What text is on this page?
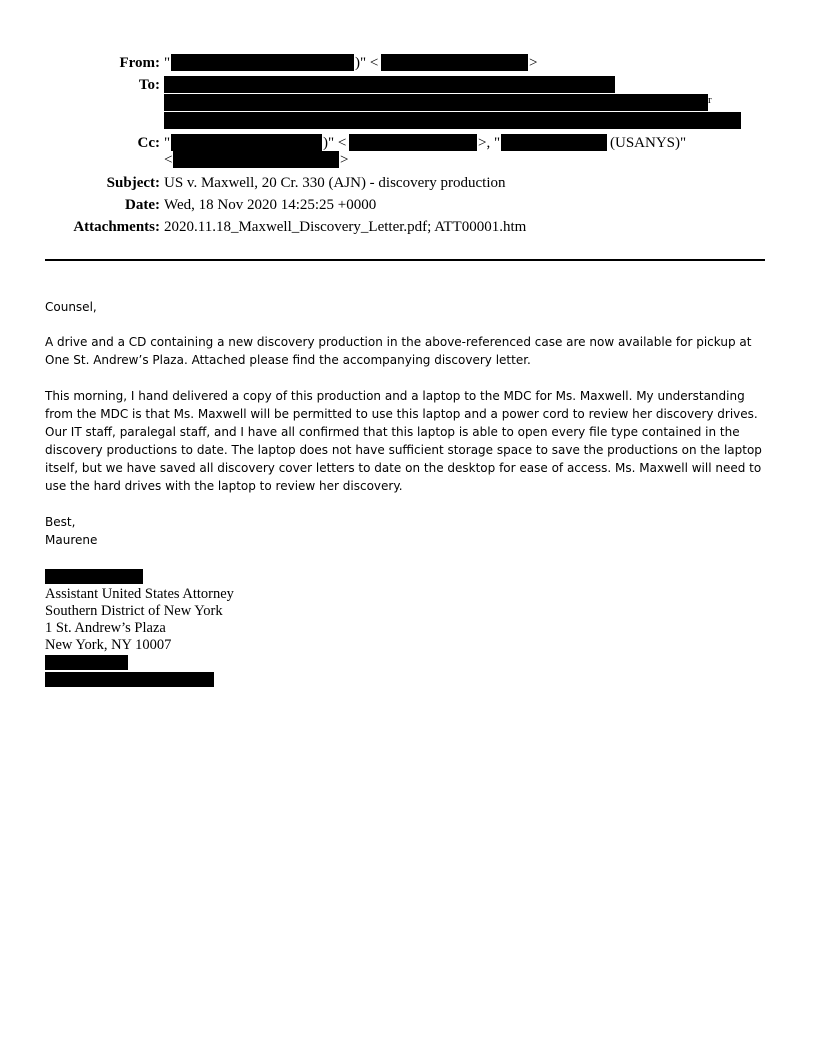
From: "	)" <	>
To:
r
Cc: "	)" <	>, "	(USANYS)"
<	>
Subject: US v. Maxwell, 20 Cr. 330 (AJN) - discovery production
Date: Wed, 18 Nov 2020 14:25:25 +0000
Attachments: 2020.11.18_Maxwell_Discovery_Letter.pdf; ATT00001.htm
Counsel,
A drive and a CD containing a new discovery production in the above-referenced case are now available for pickup at One St. Andrew’s Plaza. Attached please find the accompanying discovery letter.
This morning, I hand delivered a copy of this production and a laptop to the MDC for Ms. Maxwell. My understanding from the MDC is that Ms. Maxwell will be permitted to use this laptop and a power cord to review her discovery drives. Our IT staff, paralegal staff, and I have all confirmed that this laptop is able to open every file type contained in the discovery productions to date. The laptop does not have sufficient storage space to save the productions on the laptop itself, but we have saved all discovery cover letters to date on the desktop for ease of access. Ms. Maxwell will need to use the hard drives with the laptop to review her discovery.
Best,
Maurene
Assistant United States Attorney
Southern District of New York
1 St. Andrew’s Plaza
New York, NY 10007
